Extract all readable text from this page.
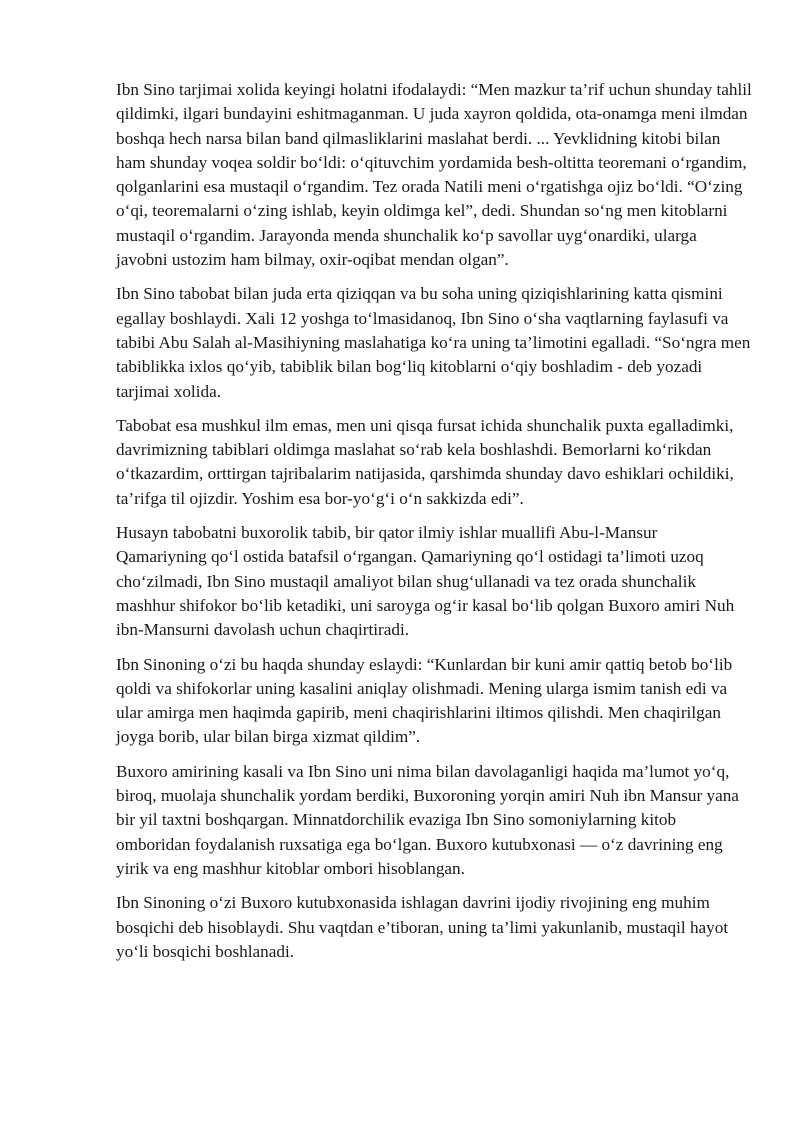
Ibn Sino tarjimai xolida keyingi holatni ifodalaydi: “Men mazkur ta’rif uchun shunday tahlil qildimki, ilgari bundayini eshitmaganman. U juda xayron qoldida, ota-onamga meni ilmdan boshqa hech narsa bilan band qilmasliklarini maslahat berdi. ... Yevklidning kitobi bilan ham shunday voqea soldir bo‘ldi: o‘qituvchim yordamida besh-oltitta teoremani o‘rgandim, qolganlarini esa mustaqil o‘rgandim. Tez orada Natili meni o‘rgatishga ojiz bo‘ldi. “O‘zing o‘qi, teoremalarni o‘zing ishlab, keyin oldimga kel”, dedi. Shundan so‘ng men kitoblarni mustaqil o‘rgandim. Jarayonda menda shunchalik ko‘p savollar uyg‘onardiki, ularga javobni ustozim ham bilmay, oxir-oqibat mendan olgan”.

Ibn Sino tabobat bilan juda erta qiziqqan va bu soha uning qiziqishlarining katta qismini egallay boshlaydi. Xali 12 yoshga to‘lmasidanoq, Ibn Sino o‘sha vaqtlarning faylasufi va tabibi Abu Salah al-Masihiyning maslahatiga ko‘ra uning ta’limotini egalladi. “So‘ngra men tabiblikka ixlos qo‘yib, tabiblik bilan bog‘liq kitoblarni o‘qiy boshladim - deb yozadi tarjimai xolida.

Tabobat esa mushkul ilm emas, men uni qisqa fursat ichida shunchalik puxta egalladimki, davrimizning tabiblari oldimga maslahat so‘rab kela boshlashdi. Bemorlarni ko‘rikdan o‘tkazardim, orttirgan tajribalarim natijasida, qarshimda shunday davo eshiklari ochildiki, ta’rifga til ojizdir. Yoshim esa bor-yo‘g‘i o‘n sakkizda edi”.

Husayn tabobatni buxorolik tabib, bir qator ilmiy ishlar muallifi Abu-l-Mansur Qamariyning qo‘l ostida batafsil o‘rgangan. Qamariyning qo‘l ostidagi ta’limoti uzoq cho‘zilmadi, Ibn Sino mustaqil amaliyot bilan shug‘ullanadi va tez orada shunchalik mashhur shifokor bo‘lib ketadiki, uni saroyga og‘ir kasal bo‘lib qolgan Buxoro amiri Nuh ibn-Mansurni davolash uchun chaqirtiradi.

Ibn Sinoning o‘zi bu haqda shunday eslaydi: “Kunlardan bir kuni amir qattiq betob bo‘lib qoldi va shifokorlar uning kasalini aniqlay olishmadi. Mening ularga ismim tanish edi va ular amirga men haqimda gapirib, meni chaqirishlarini iltimos qilishdi. Men chaqirilgan joyga borib, ular bilan birga xizmat qildim”.

Buxoro amirining kasali va Ibn Sino uni nima bilan davolaganligi haqida ma’lumot yo‘q, biroq, muolaja shunchalik yordam berdiki, Buxoroning yorqin amiri Nuh ibn Mansur yana bir yil taxtni boshqargan. Minnatdorchilik evaziga Ibn Sino somoniylarning kitob omboridan foydalanish ruxsatiga ega bo‘lgan. Buxoro kutubxonasi — o‘z davrining eng yirik va eng mashhur kitoblar ombori hisoblangan.

Ibn Sinoning o‘zi Buxoro kutubxonasida ishlagan davrini ijodiy rivojining eng muhim bosqichi deb hisoblaydi. Shu vaqtdan e’tiboran, uning ta’limi yakunlanib, mustaqil hayot yo‘li bosqichi boshlanadi.
